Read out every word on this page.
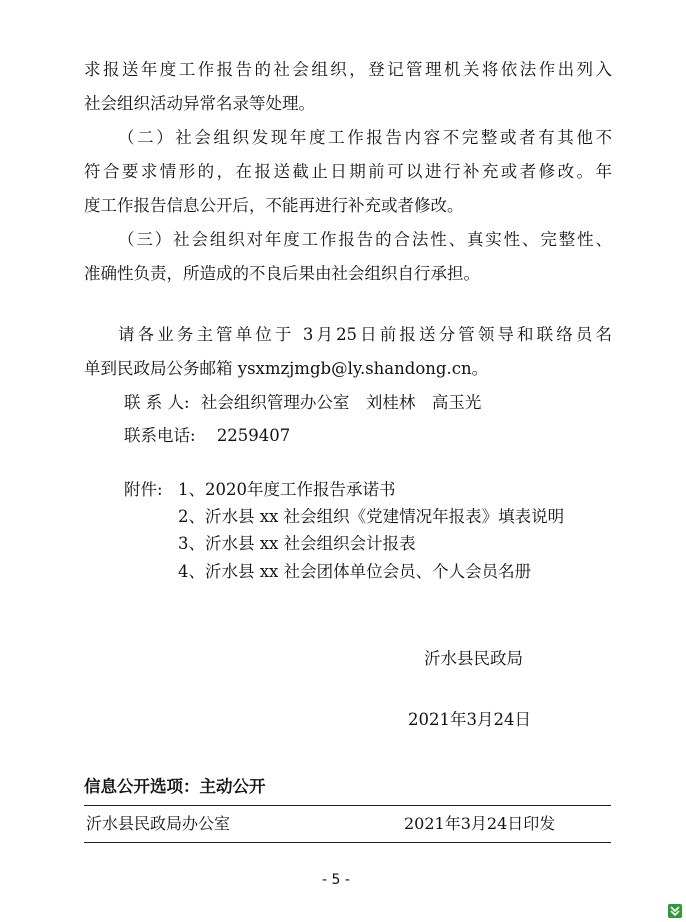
求报送年度工作报告的社会组织，登记管理机关将依法作出列入
社会组织活动异常名录等处理。
（二）社会组织发现年度工作报告内容不完整或者有其他不
符合要求情形的，在报送截止日期前可以进行补充或者修改。年
度工作报告信息公开后，不能再进行补充或者修改。
（三）社会组织对年度工作报告的合法性、真实性、完整性、
准确性负责，所造成的不良后果由社会组织自行承担。
请各业务主管单位于 3月25日前报送分管领导和联络员名
单到民政局公务邮箱 ysxmzjmgb@ly.shandong.cn。
联 系 人: 社会组织管理办公室　刘桂林　高玉光
联系电话: 2259407
附件: 1、2020年度工作报告承诺书
2、沂水县 xx 社会组织《党建情况年报表》填表说明
3、沂水县 xx 社会组织会计报表
4、沂水县 xx 社会团体单位会员、个人会员名册
沂水县民政局
2021年3月24日
信息公开选项：主动公开
沂水县民政局办公室	2021年3月24日印发
- 5 -
